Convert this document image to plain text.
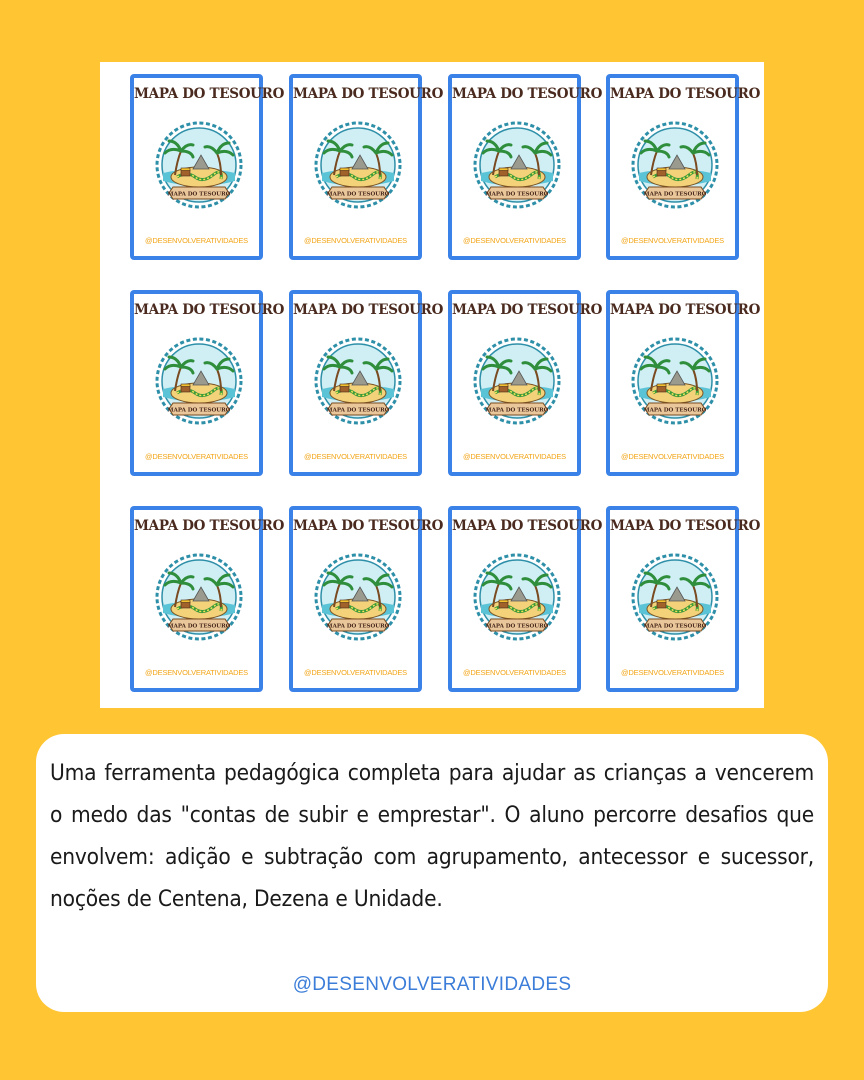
MAPA DO TESOURO
@DESENVOLVERATIVIDADES
MAPA DO TESOURO
@DESENVOLVERATIVIDADES
MAPA DO TESOURO
@DESENVOLVERATIVIDADES
MAPA DO TESOURO
@DESENVOLVERATIVIDADES
MAPA DO TESOURO
@DESENVOLVERATIVIDADES
MAPA DO TESOURO
@DESENVOLVERATIVIDADES
MAPA DO TESOURO
@DESENVOLVERATIVIDADES
MAPA DO TESOURO
@DESENVOLVERATIVIDADES
MAPA DO TESOURO
@DESENVOLVERATIVIDADES
MAPA DO TESOURO
@DESENVOLVERATIVIDADES
MAPA DO TESOURO
@DESENVOLVERATIVIDADES
MAPA DO TESOURO
@DESENVOLVERATIVIDADES

Uma ferramenta pedagógica completa para ajudar as crianças a vencerem o medo das "contas de subir e emprestar". O aluno percorre desafios que envolvem: adição e subtração com agrupamento, antecessor e sucessor, noções de Centena, Dezena e Unidade.

@DESENVOLVERATIVIDADES
